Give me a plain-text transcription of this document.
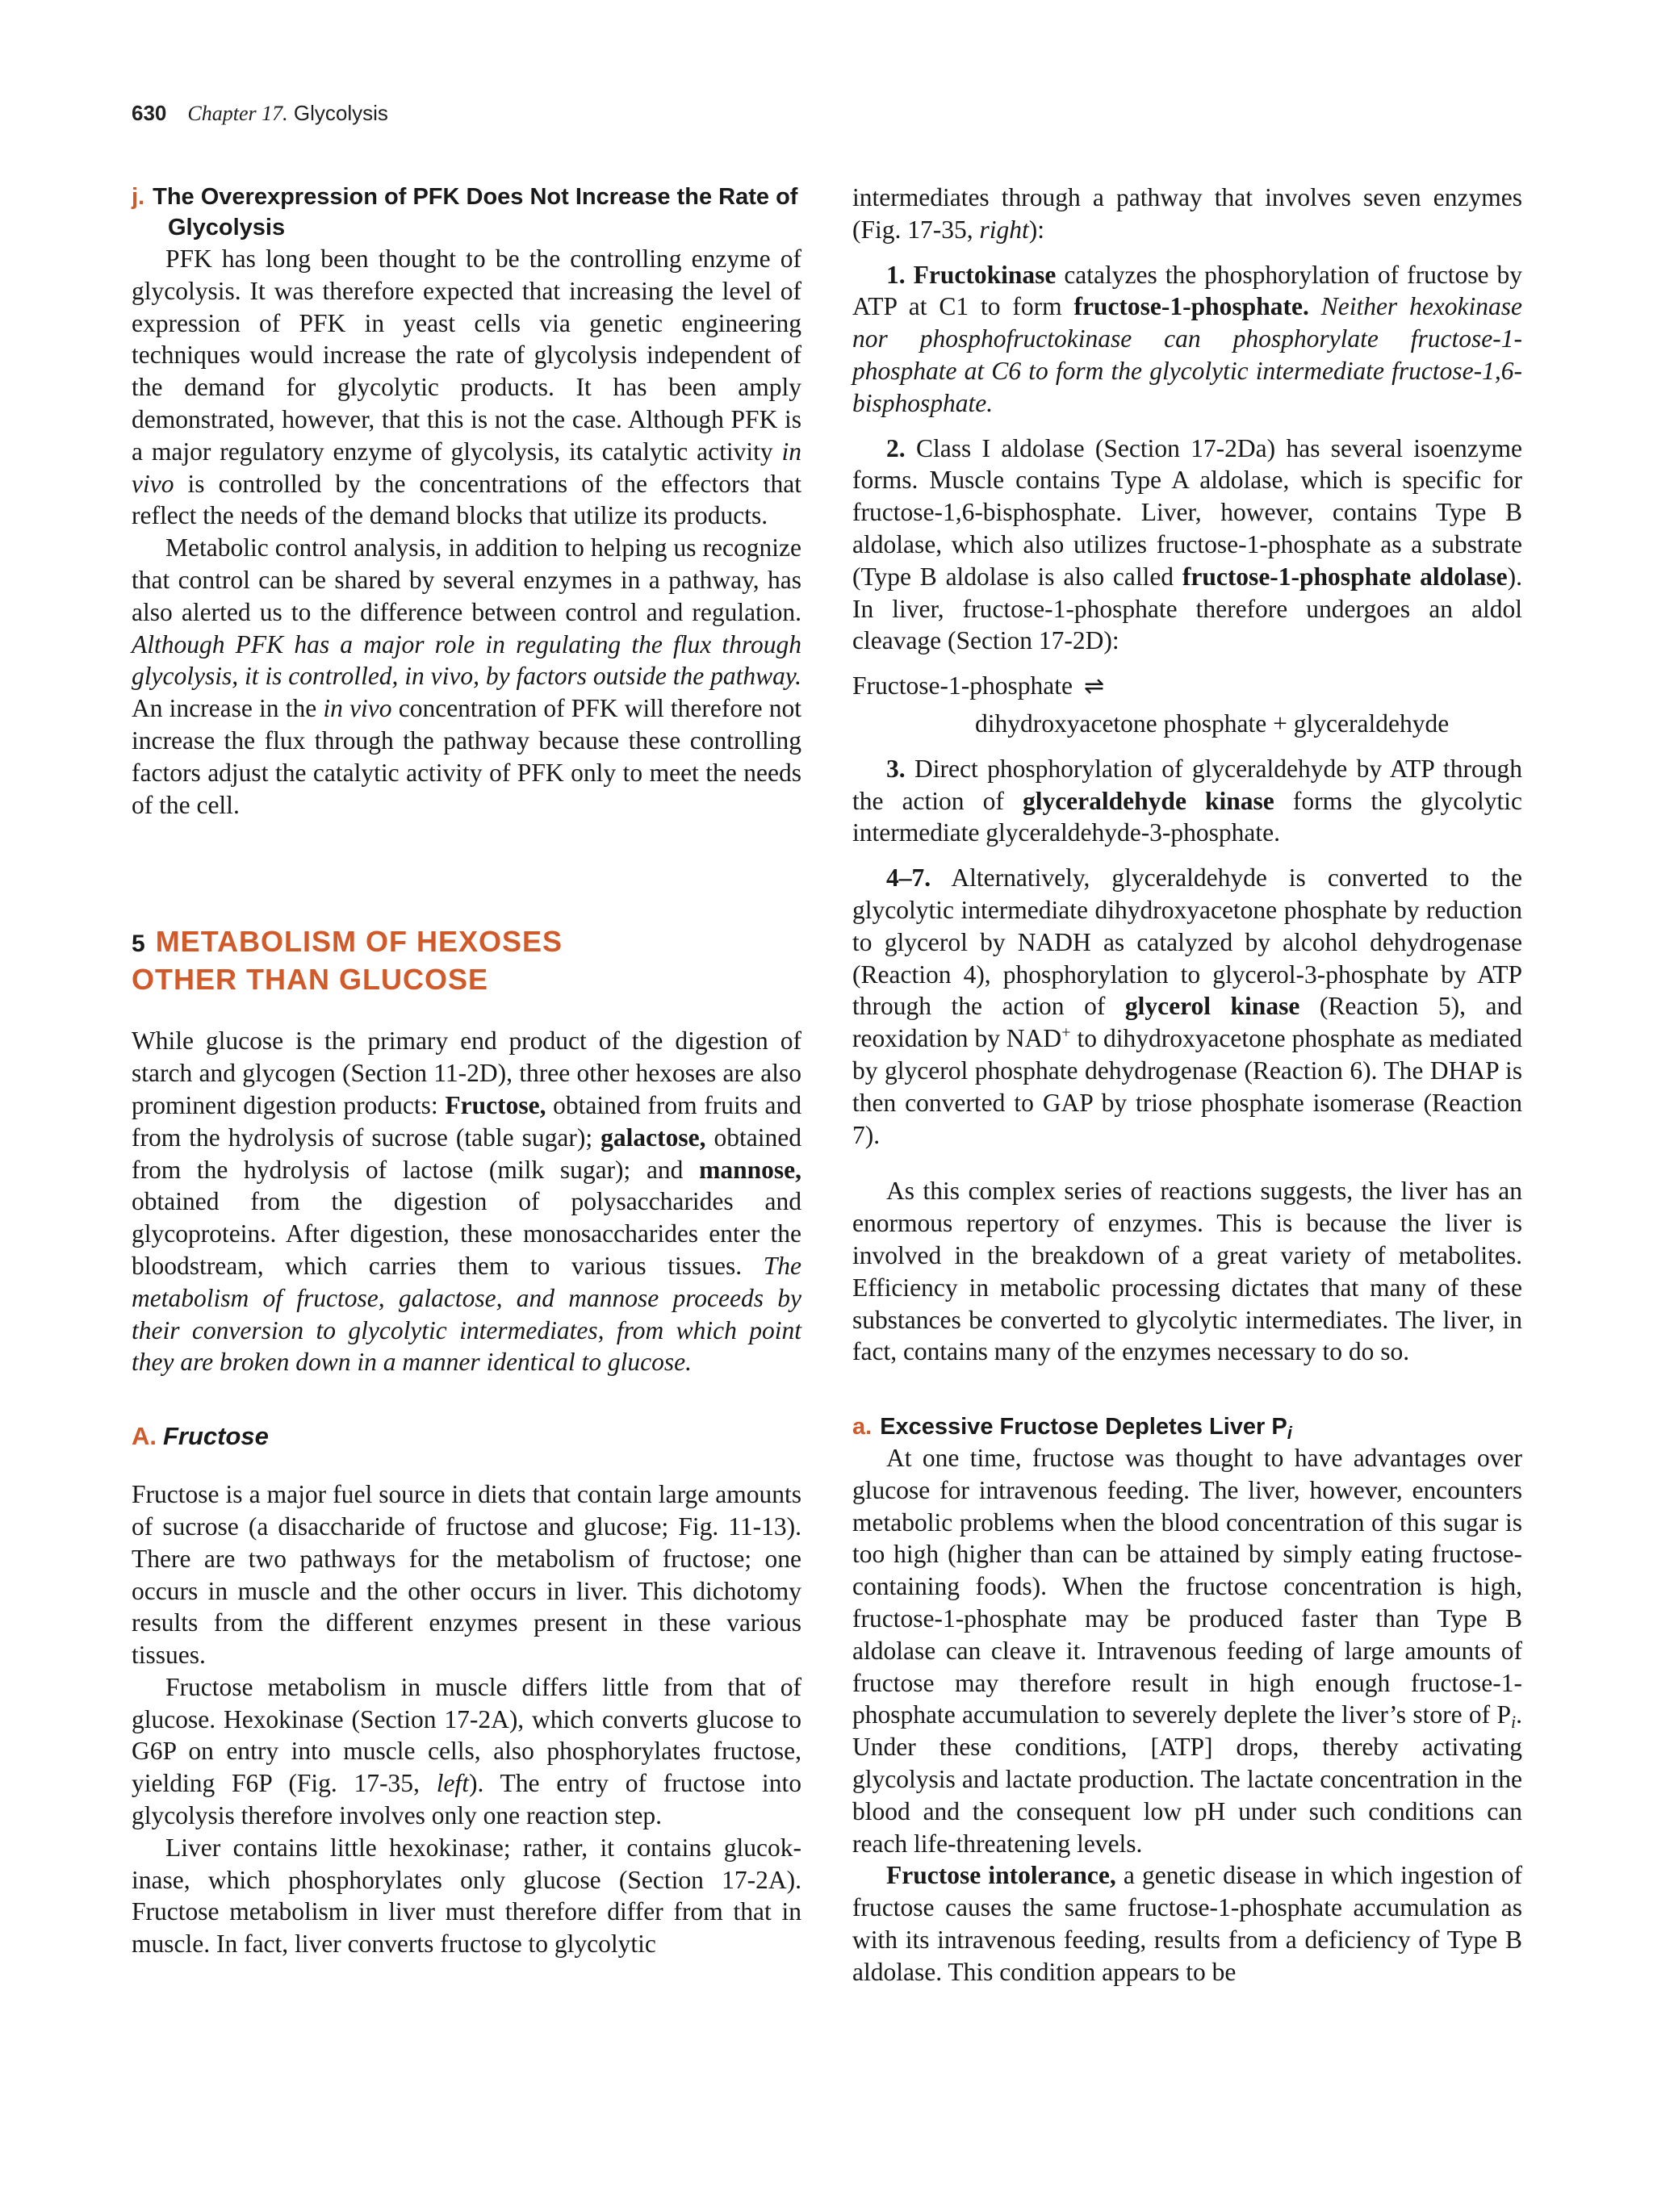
630 Chapter 17. Glycolysis
j. The Overexpression of PFK Does Not Increase the Rate of Glycolysis

PFK has long been thought to be the controlling enzyme of glycolysis. It was therefore expected that increasing the level of expression of PFK in yeast cells via genetic engineering techniques would increase the rate of glycolysis independent of the demand for glycolytic products. It has been amply demonstrated, however, that this is not the case. Although PFK is a major regulatory enzyme of glycolysis, its catalytic activity in vivo is controlled by the concentrations of the effectors that reflect the needs of the demand blocks that utilize its products.

Metabolic control analysis, in addition to helping us recognize that control can be shared by several enzymes in a pathway, has also alerted us to the difference between control and regulation. Although PFK has a major role in regulating the flux through glycolysis, it is controlled, in vivo, by factors outside the pathway. An increase in the in vivo concentration of PFK will therefore not increase the flux through the pathway because these controlling factors adjust the catalytic activity of PFK only to meet the needs of the cell.

5 METABOLISM OF HEXOSES
OTHER THAN GLUCOSE

While glucose is the primary end product of the digestion of starch and glycogen (Section 11-2D), three other hexoses are also prominent digestion products: Fructose, obtained from fruits and from the hydrolysis of sucrose (table sugar); galactose, obtained from the hydrolysis of lactose (milk sugar); and mannose, obtained from the digestion of polysaccharides and glycoproteins. After digestion, these monosaccharides enter the bloodstream, which carries them to various tissues. The metabolism of fructose, galactose, and mannose proceeds by their conversion to glycolytic intermediates, from which point they are broken down in a manner identical to glucose.

A. Fructose

Fructose is a major fuel source in diets that contain large amounts of sucrose (a disaccharide of fructose and glucose; Fig. 11-13). There are two pathways for the metabolism of fructose; one occurs in muscle and the other occurs in liver. This dichotomy results from the different enzymes present in these various tissues.

Fructose metabolism in muscle differs little from that of glucose. Hexokinase (Section 17-2A), which converts glucose to G6P on entry into muscle cells, also phosphorylates fructose, yielding F6P (Fig. 17-35, left). The entry of fructose into glycolysis therefore involves only one reaction step.

Liver contains little hexokinase; rather, it contains glucokinase, which phosphorylates only glucose (Section 17-2A). Fructose metabolism in liver must therefore differ from that in muscle. In fact, liver converts fructose to glycolytic

intermediates through a pathway that involves seven enzymes (Fig. 17-35, right):

1. Fructokinase catalyzes the phosphorylation of fructose by ATP at C1 to form fructose-1-phosphate. Neither hexokinase nor phosphofructokinase can phosphorylate fructose-1-phosphate at C6 to form the glycolytic intermediate fructose-1,6-bisphosphate.

2. Class I aldolase (Section 17-2Da) has several isoenzyme forms. Muscle contains Type A aldolase, which is specific for fructose-1,6-bisphosphate. Liver, however, contains Type B aldolase, which also utilizes fructose-1-phosphate as a substrate (Type B aldolase is also called fructose-1-phosphate aldolase). In liver, fructose-1-phosphate therefore undergoes an aldol cleavage (Section 17-2D):

Fructose-1-phosphate ⇌

dihydroxyacetone phosphate + glyceraldehyde

3. Direct phosphorylation of glyceraldehyde by ATP through the action of glyceraldehyde kinase forms the glycolytic intermediate glyceraldehyde-3-phosphate.

4–7. Alternatively, glyceraldehyde is converted to the glycolytic intermediate dihydroxyacetone phosphate by reduction to glycerol by NADH as catalyzed by alcohol dehydrogenase (Reaction 4), phosphorylation to glycerol-3-phosphate by ATP through the action of glycerol kinase (Reaction 5), and reoxidation by NAD+ to dihydroxyacetone phosphate as mediated by glycerol phosphate dehydrogenase (Reaction 6). The DHAP is then converted to GAP by triose phosphate isomerase (Reaction 7).

As this complex series of reactions suggests, the liver has an enormous repertory of enzymes. This is because the liver is involved in the breakdown of a great variety of metabolites. Efficiency in metabolic processing dictates that many of these substances be converted to glycolytic intermediates. The liver, in fact, contains many of the enzymes necessary to do so.

a. Excessive Fructose Depletes Liver $P_i$

At one time, fructose was thought to have advantages over glucose for intravenous feeding. The liver, however, encounters metabolic problems when the blood concentration of this sugar is too high (higher than can be attained by simply eating fructose-containing foods). When the fructose concentration is high, fructose-1-phosphate may be produced faster than Type B aldolase can cleave it. Intravenous feeding of large amounts of fructose may therefore result in high enough fructose-1-phosphate accumulation to severely deplete the liver’s store of Pi. Under these conditions, [ATP] drops, thereby activating glycolysis and lactate production. The lactate concentration in the blood and the consequent low pH under such conditions can reach life-threatening levels.

Fructose intolerance, a genetic disease in which ingestion of fructose causes the same fructose-1-phosphate accumulation as with its intravenous feeding, results from a deficiency of Type B aldolase. This condition appears to be
